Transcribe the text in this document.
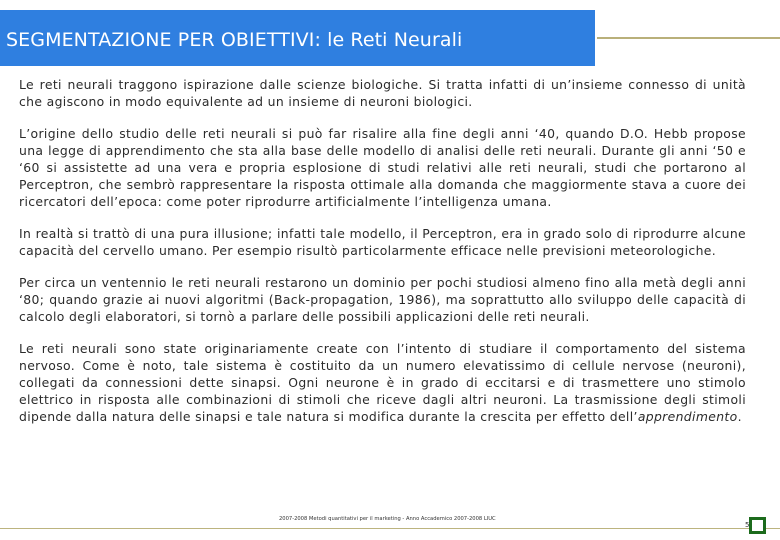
SEGMENTAZIONE PER OBIETTIVI: le Reti Neurali

Le reti neurali traggono ispirazione dalle scienze biologiche. Si tratta infatti di un’insieme connesso di unità che agiscono in modo equivalente ad un insieme di neuroni biologici.

L’origine dello studio delle reti neurali si può far risalire alla fine degli anni ‘40, quando D.O. Hebb propose una legge di apprendimento che sta alla base delle modello di analisi delle reti neurali. Durante gli anni ‘50 e ‘60 si assistette ad una vera e propria esplosione di studi relativi alle reti neurali, studi che portarono al Perceptron, che sembrò rappresentare la risposta ottimale alla domanda che maggiormente stava a cuore dei ricercatori dell’epoca: come poter riprodurre artificialmente l’intelligenza umana.

In realtà si trattò di una pura illusione; infatti tale modello, il Perceptron, era in grado solo di riprodurre alcune capacità del cervello umano. Per esempio risultò particolarmente efficace nelle previsioni meteorologiche.

Per circa un ventennio le reti neurali restarono un dominio per pochi studiosi almeno fino alla metà degli anni ‘80; quando grazie ai nuovi algoritmi (Back-propagation, 1986), ma soprattutto allo sviluppo delle capacità di calcolo degli elaboratori, si tornò a parlare delle possibili applicazioni delle reti neurali.

Le reti neurali sono state originariamente create con l’intento di studiare il comportamento del sistema nervoso. Come è noto, tale sistema è costituito da un numero elevatissimo di cellule nervose (neuroni), collegati da connessioni dette sinapsi. Ogni neurone è in grado di eccitarsi e di trasmettere uno stimolo elettrico in risposta alle combinazioni di stimoli che riceve dagli altri neuroni. La trasmissione degli stimoli dipende dalla natura delle sinapsi e tale natura si modifica durante la crescita per effetto dell’apprendimento.

2007-2008 Metodi quantitativi per il marketing - Anno Accademico 2007-2008 LIUC
5
